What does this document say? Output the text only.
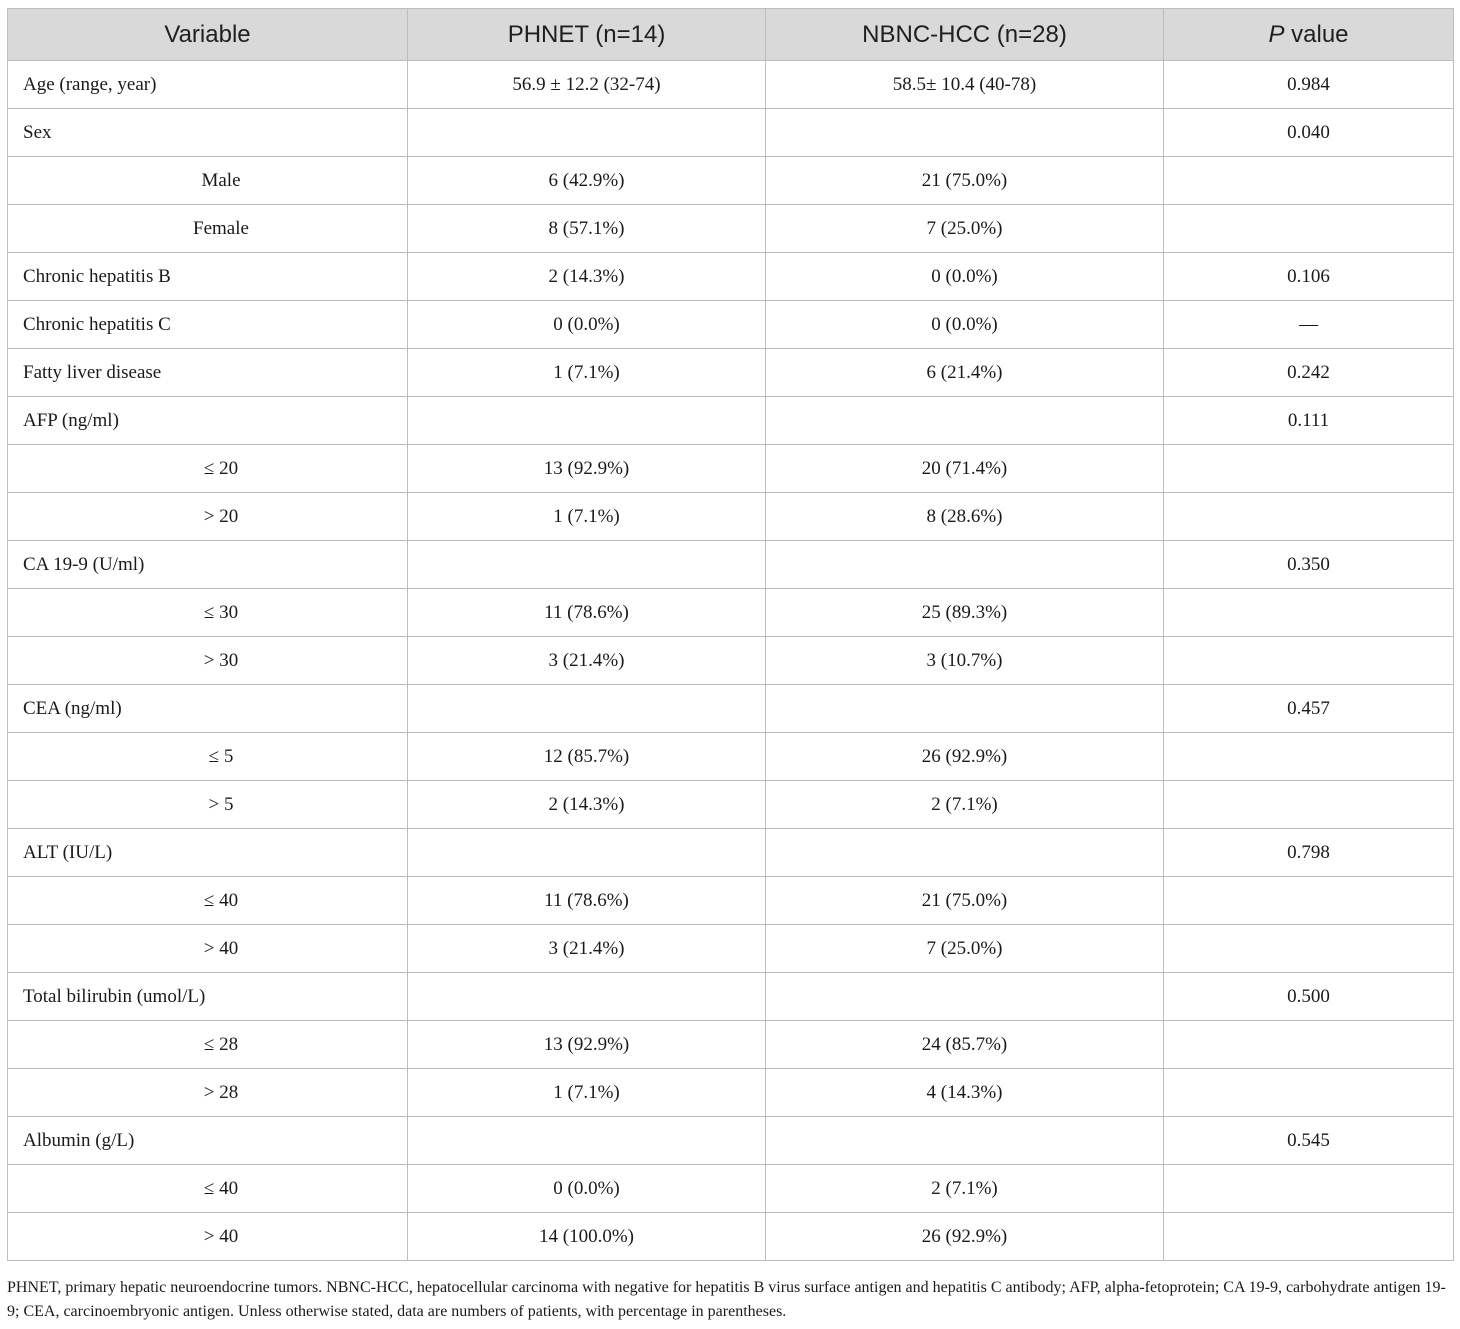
Variable	PHNET (n=14)	NBNC-HCC (n=28)	P value
Age (range, year)	56.9 ± 12.2 (32-74)	58.5± 10.4 (40-78)	0.984
Sex			0.040
Male	6 (42.9%)	21 (75.0%)	
Female	8 (57.1%)	7 (25.0%)	
Chronic hepatitis B	2 (14.3%)	0 (0.0%)	0.106
Chronic hepatitis C	0 (0.0%)	0 (0.0%)	—
Fatty liver disease	1 (7.1%)	6 (21.4%)	0.242
AFP (ng/ml)			0.111
≤ 20	13 (92.9%)	20 (71.4%)	
> 20	1 (7.1%)	8 (28.6%)	
CA 19-9 (U/ml)			0.350
≤ 30	11 (78.6%)	25 (89.3%)	
> 30	3 (21.4%)	3 (10.7%)	
CEA (ng/ml)			0.457
≤ 5	12 (85.7%)	26 (92.9%)	
> 5	2 (14.3%)	2 (7.1%)	
ALT (IU/L)			0.798
≤ 40	11 (78.6%)	21 (75.0%)	
> 40	3 (21.4%)	7 (25.0%)	
Total bilirubin (umol/L)			0.500
≤ 28	13 (92.9%)	24 (85.7%)	
> 28	1 (7.1%)	4 (14.3%)	
Albumin (g/L)			0.545
≤ 40	0 (0.0%)	2 (7.1%)	
> 40	14 (100.0%)	26 (92.9%)	
PHNET, primary hepatic neuroendocrine tumors. NBNC-HCC, hepatocellular carcinoma with negative for hepatitis B virus surface antigen and hepatitis C antibody; AFP, alpha-fetoprotein; CA 19-9, carbohydrate antigen 19-9; CEA, carcinoembryonic antigen. Unless otherwise stated, data are numbers of patients, with percentage in parentheses.
